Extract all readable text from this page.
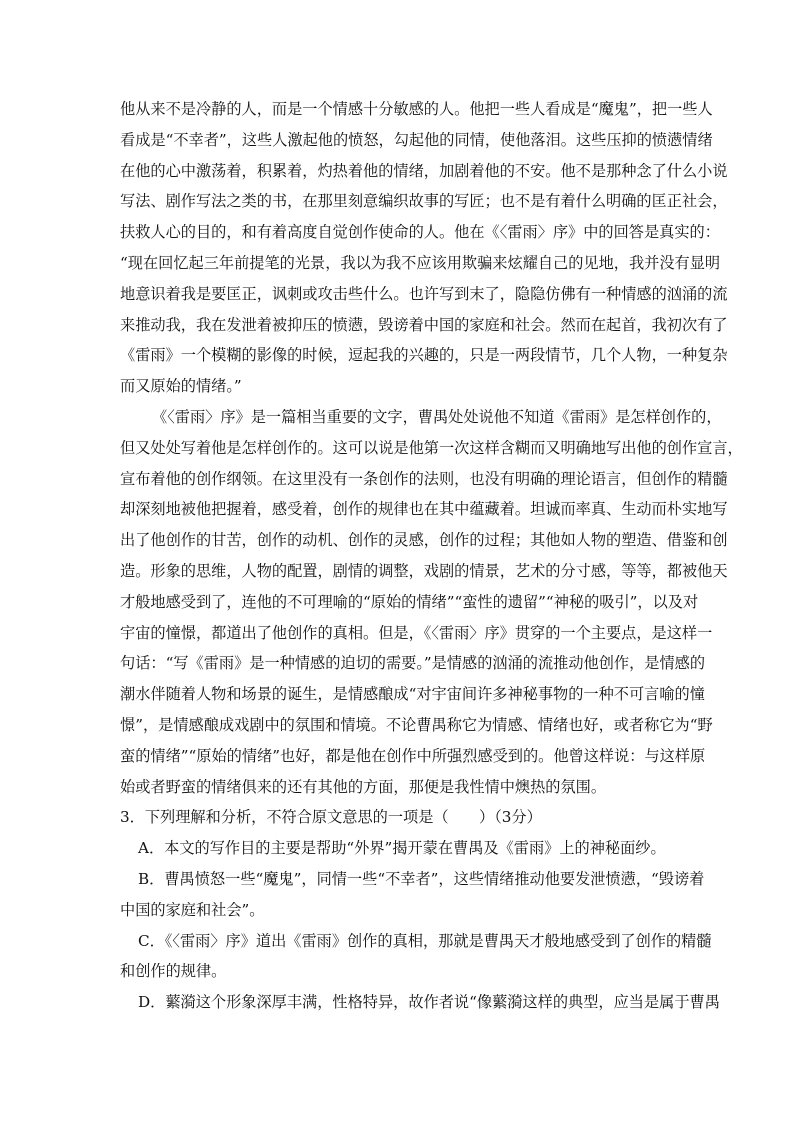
他从来不是冷静的人，而是一个情感十分敏感的人。他把一些人看成是“魔鬼”，把一些人
看成是“不幸者”，这些人激起他的愤怒，勾起他的同情，使他落泪。这些压抑的愤懑情绪
在他的心中激荡着，积累着，灼热着他的情绪，加剧着他的不安。他不是那种念了什么小说
写法、剧作写法之类的书，在那里刻意编织故事的写匠；也不是有着什么明确的匡正社会，
扶救人心的目的，和有着高度自觉创作使命的人。他在《〈雷雨〉序》中的回答是真实的：
“现在回忆起三年前提笔的光景，我以为我不应该用欺骗来炫耀自己的见地，我并没有显明
地意识着我是要匡正，讽刺或攻击些什么。也许写到末了，隐隐仿佛有一种情感的汹涌的流
来推动我，我在发泄着被抑压的愤懑，毁谤着中国的家庭和社会。然而在起首，我初次有了
《雷雨》一个模糊的影像的时候，逗起我的兴趣的，只是一两段情节，几个人物，一种复杂
而又原始的情绪。”
《〈雷雨〉序》是一篇相当重要的文字，曹禺处处说他不知道《雷雨》是怎样创作的，
但又处处写着他是怎样创作的。这可以说是他第一次这样含糊而又明确地写出他的创作宣言，
宣布着他的创作纲领。在这里没有一条创作的法则，也没有明确的理论语言，但创作的精髓
却深刻地被他把握着，感受着，创作的规律也在其中蕴藏着。坦诚而率真、生动而朴实地写
出了他创作的甘苦，创作的动机、创作的灵感，创作的过程；其他如人物的塑造、借鉴和创
造。形象的思维，人物的配置，剧情的调整，戏剧的情景，艺术的分寸感，等等，都被他天
才般地感受到了，连他的不可理喻的“原始的情绪”“蛮性的遗留”“神秘的吸引”，以及对
宇宙的憧憬，都道出了他创作的真相。但是，《〈雷雨〉序》贯穿的一个主要点，是这样一
句话：“写《雷雨》是一种情感的迫切的需要。”是情感的汹涌的流推动他创作，是情感的
潮水伴随着人物和场景的诞生，是情感酿成“对宇宙间许多神秘事物的一种不可言喻的憧
憬”，是情感酿成戏剧中的氛围和情境。不论曹禺称它为情感、情绪也好，或者称它为“野
蛮的情绪”“原始的情绪”也好，都是他在创作中所强烈感受到的。他曾这样说：与这样原
始或者野蛮的情绪俱来的还有其他的方面，那便是我性情中燠热的氛围。
3．下列理解和分析，不符合原文意思的一项是（　　）（3分）
A．本文的写作目的主要是帮助“外界”揭开蒙在曹禺及《雷雨》上的神秘面纱。
B．曹禺愤怒一些“魔鬼”，同情一些“不幸者”，这些情绪推动他要发泄愤懑，“毁谤着
中国的家庭和社会”。
C．《〈雷雨〉序》道出《雷雨》创作的真相，那就是曹禺天才般地感受到了创作的精髓
和创作的规律。
D．蘩漪这个形象深厚丰满，性格特异，故作者说“像蘩漪这样的典型，应当是属于曹禺
